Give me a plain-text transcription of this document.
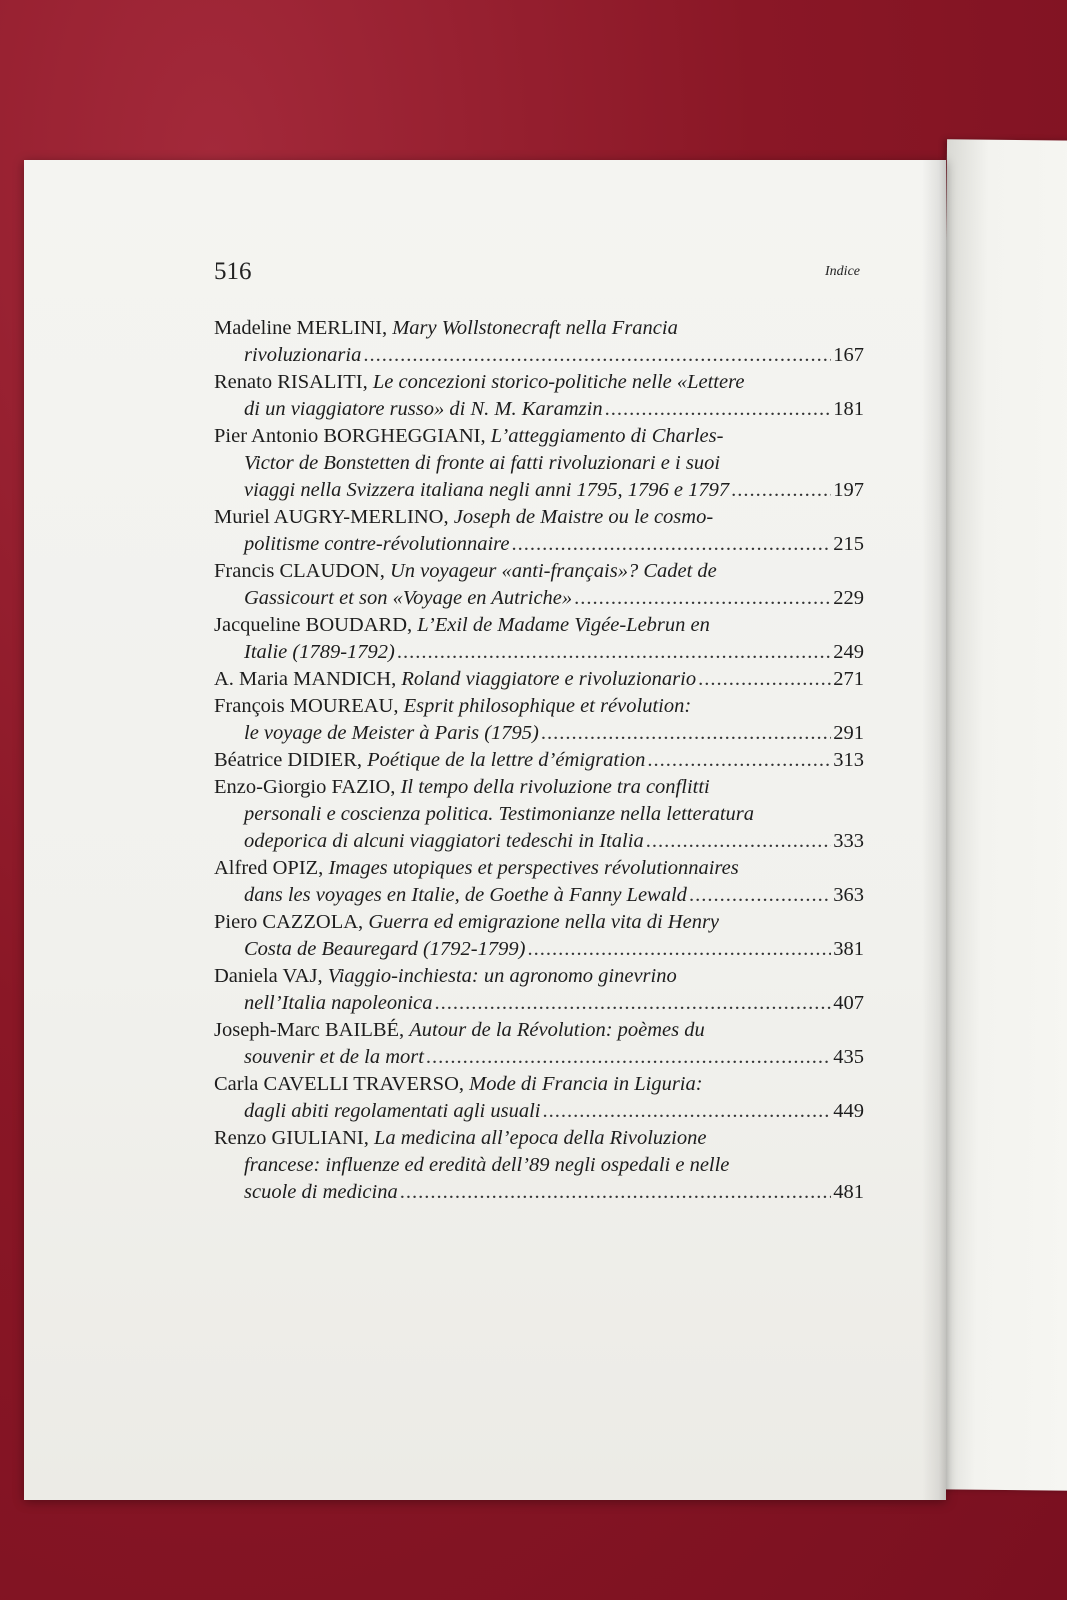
516	Indice
Madeline MERLINI, Mary Wollstonecraft nella Francia
rivoluzionaria .....	167
Renato RISALITI, Le concezioni storico-politiche nelle «Lettere
di un viaggiatore russo» di N. M. Karamzin .....	181
Pier Antonio BORGHEGGIANI, L’atteggiamento di Charles-
Victor de Bonstetten di fronte ai fatti rivoluzionari e i suoi
viaggi nella Svizzera italiana negli anni 1795, 1796 e 1797 .....	197
Muriel AUGRY-MERLINO, Joseph de Maistre ou le cosmo-
politisme contre-révolutionnaire .....	215
Francis CLAUDON, Un voyageur «anti-français»? Cadet de
Gassicourt et son «Voyage en Autriche» .....	229
Jacqueline BOUDARD, L’Exil de Madame Vigée-Lebrun en
Italie (1789-1792) .....	249
A. Maria MANDICH, Roland viaggiatore e rivoluzionario .....	271
François MOUREAU, Esprit philosophique et révolution:
le voyage de Meister à Paris (1795) .....	291
Béatrice DIDIER, Poétique de la lettre d’émigration .....	313
Enzo-Giorgio FAZIO, Il tempo della rivoluzione tra conflitti
personali e coscienza politica. Testimonianze nella letteratura
odeporica di alcuni viaggiatori tedeschi in Italia .....	333
Alfred OPIZ, Images utopiques et perspectives révolutionnaires
dans les voyages en Italie, de Goethe à Fanny Lewald .....	363
Piero CAZZOLA, Guerra ed emigrazione nella vita di Henry
Costa de Beauregard (1792-1799) .....	381
Daniela VAJ, Viaggio-inchiesta: un agronomo ginevrino
nell’Italia napoleonica .....	407
Joseph-Marc BAILBÉ, Autour de la Révolution: poèmes du
souvenir et de la mort .....	435
Carla CAVELLI TRAVERSO, Mode di Francia in Liguria:
dagli abiti regolamentati agli usuali .....	449
Renzo GIULIANI, La medicina all’epoca della Rivoluzione
francese: influenze ed eredità dell’89 negli ospedali e nelle
scuole di medicina .....	481
